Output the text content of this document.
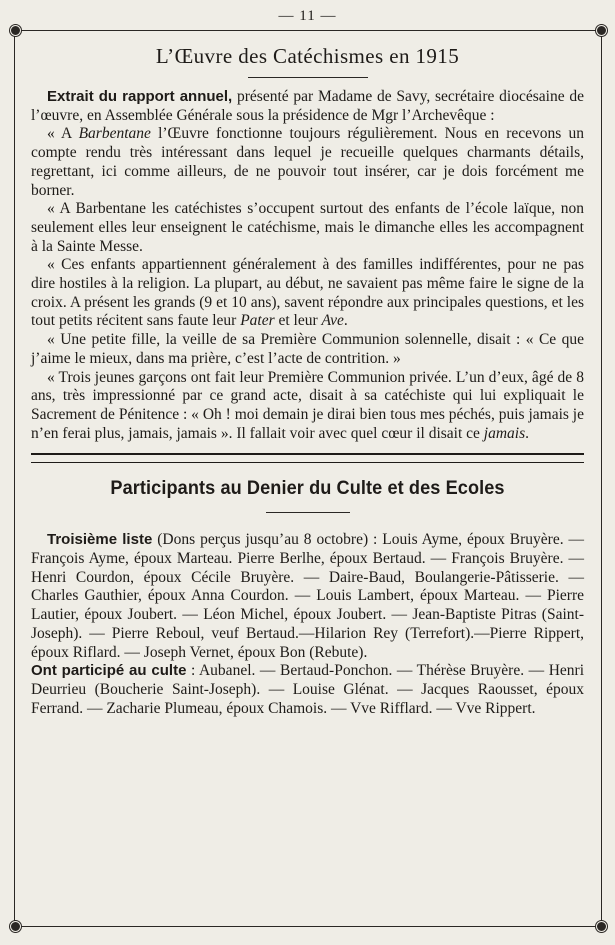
— 11 —
L’Œuvre des Catéchismes en 1915

Extrait du rapport annuel, présenté par Madame de Savy, secrétaire diocésaine de l’œuvre, en Assemblée Générale sous la présidence de Mgr l’Archevêque :

« A Barbentane l’Œuvre fonctionne toujours régulièrement. Nous en recevons un compte rendu très intéressant dans lequel je recueille quelques charmants détails, regrettant, ici comme ailleurs, de ne pouvoir tout insérer, car je dois forcément me borner.

« A Barbentane les catéchistes s’occupent surtout des enfants de l’école laïque, non seulement elles leur enseignent le catéchisme, mais le dimanche elles les accompagnent à la Sainte Messe.

« Ces enfants appartiennent généralement à des familles indifférentes, pour ne pas dire hostiles à la religion. La plupart, au début, ne savaient pas même faire le signe de la croix. A présent les grands (9 et 10 ans), savent répondre aux principales questions, et les tout petits récitent sans faute leur Pater et leur Ave.

« Une petite fille, la veille de sa Première Communion solennelle, disait : « Ce que j’aime le mieux, dans ma prière, c’est l’acte de contrition. »

« Trois jeunes garçons ont fait leur Première Communion privée. L’un d’eux, âgé de 8 ans, très impressionné par ce grand acte, disait à sa catéchiste qui lui expliquait le Sacrement de Pénitence : « Oh ! moi demain je dirai bien tous mes péchés, puis jamais je n’en ferai plus, jamais, jamais ». Il fallait voir avec quel cœur il disait ce jamais.

Participants au Denier du Culte et des Ecoles

Troisième liste (Dons perçus jusqu’au 8 octobre) : Louis Ayme, époux Bruyère. — François Ayme, époux Marteau. Pierre Berlhe, époux Bertaud. — François Bruyère. — Henri Courdon, époux Cécile Bruyère. — Daire-Baud, Boulangerie-Pâtisserie. — Charles Gauthier, époux Anna Courdon. — Louis Lambert, époux Marteau. — Pierre Lautier, époux Joubert. — Léon Michel, époux Joubert. — Jean-Baptiste Pitras (Saint-Joseph). — Pierre Reboul, veuf Bertaud.—Hilarion Rey (Terrefort).—Pierre Rippert, époux Riflard. — Joseph Vernet, époux Bon (Rebute).

Ont participé au culte : Aubanel. — Bertaud-Ponchon. — Thérèse Bruyère. — Henri Deurrieu (Boucherie Saint-Joseph). — Louise Glénat. — Jacques Raousset, époux Ferrand. — Zacharie Plumeau, époux Chamois. — Vve Rifflard. — Vve Rippert.
